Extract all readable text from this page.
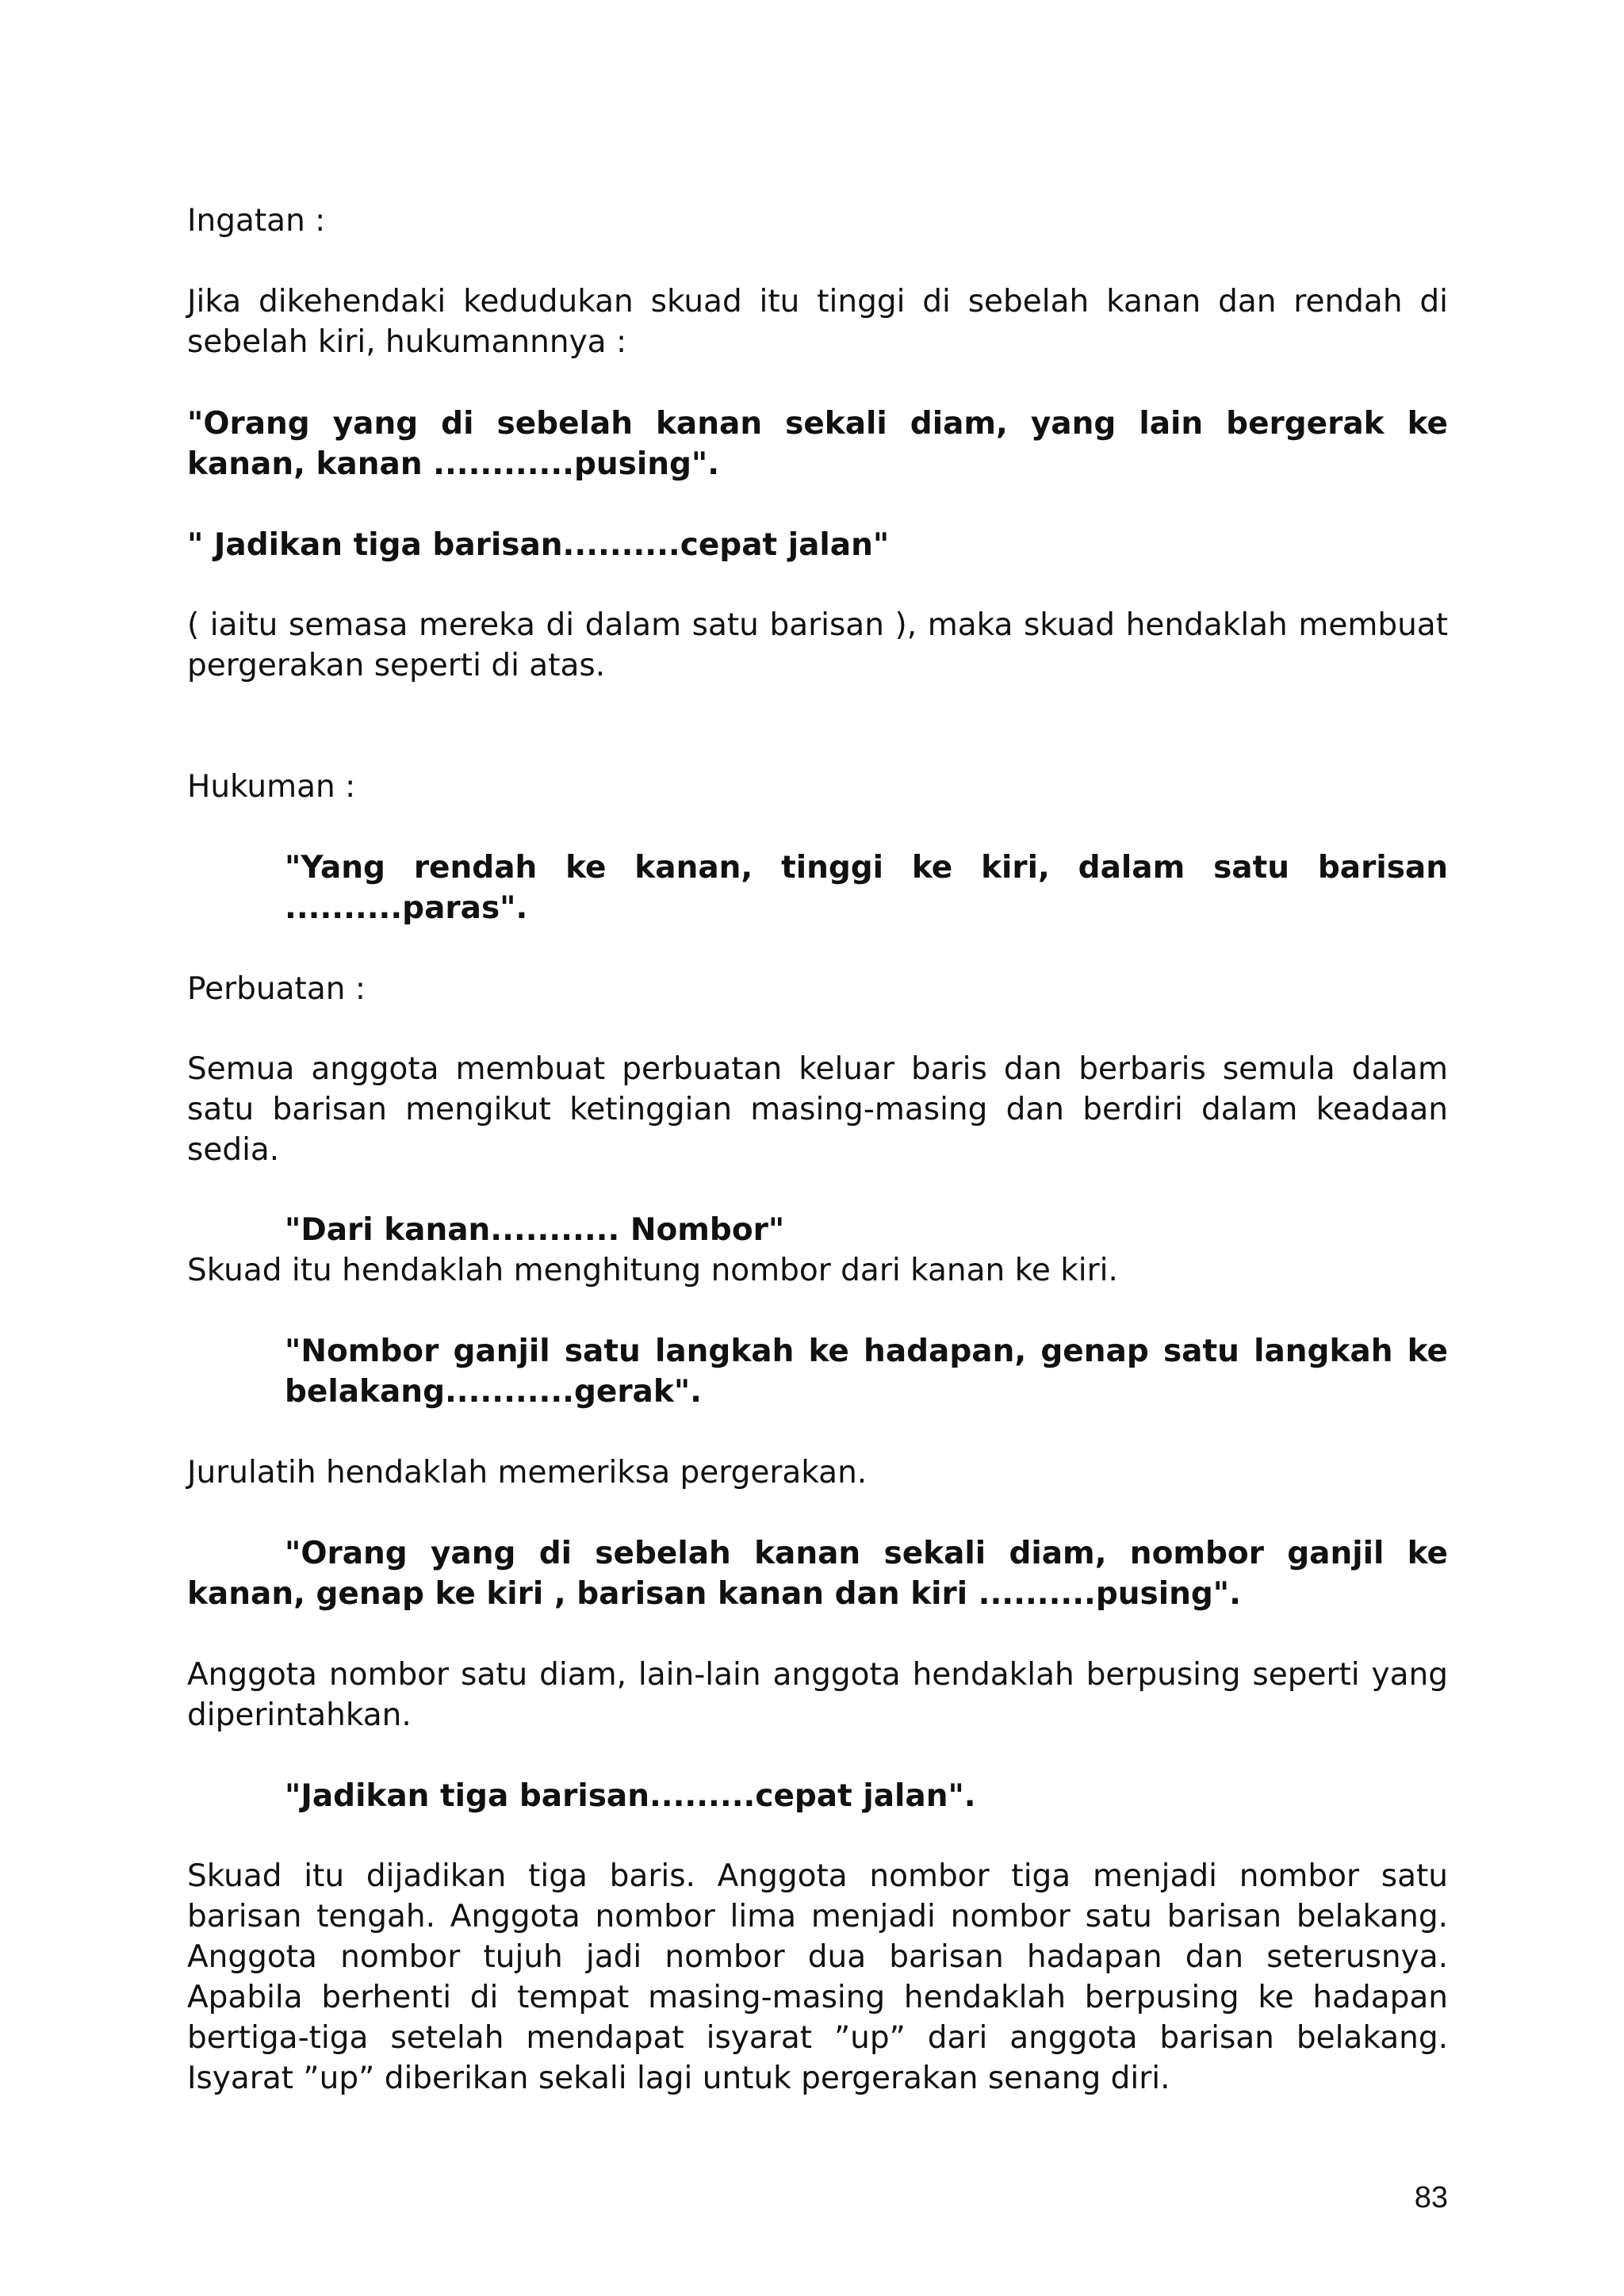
Ingatan :

Jika dikehendaki kedudukan skuad itu tinggi di sebelah kanan dan rendah di sebelah kiri, hukumannnya :

"Orang yang di sebelah kanan sekali diam, yang lain bergerak ke kanan, kanan ............pusing".

" Jadikan tiga barisan..........cepat jalan"

( iaitu semasa mereka di dalam satu barisan ), maka skuad hendaklah membuat pergerakan seperti di atas.

Hukuman :

"Yang rendah ke kanan, tinggi ke kiri, dalam satu barisan ..........paras".

Perbuatan :

Semua anggota membuat perbuatan keluar baris dan berbaris semula dalam satu barisan mengikut ketinggian masing-masing dan berdiri dalam keadaan sedia.

"Dari kanan........... Nombor"

Skuad itu hendaklah menghitung nombor dari kanan ke kiri.

"Nombor ganjil satu langkah ke hadapan, genap satu langkah ke belakang...........gerak".

Jurulatih hendaklah memeriksa pergerakan.

"Orang yang di sebelah kanan sekali diam, nombor ganjil ke kanan, genap ke kiri , barisan kanan dan kiri ..........pusing".

Anggota nombor satu diam, lain-lain anggota hendaklah berpusing seperti yang diperintahkan.

"Jadikan tiga barisan.........cepat jalan".

Skuad itu dijadikan tiga baris. Anggota nombor tiga menjadi nombor satu barisan tengah. Anggota nombor lima menjadi nombor satu barisan belakang. Anggota nombor tujuh jadi nombor dua barisan hadapan dan seterusnya. Apabila berhenti di tempat masing-masing hendaklah berpusing ke hadapan bertiga-tiga setelah mendapat isyarat ”up” dari anggota barisan belakang. Isyarat ”up” diberikan sekali lagi untuk pergerakan senang diri.

83
